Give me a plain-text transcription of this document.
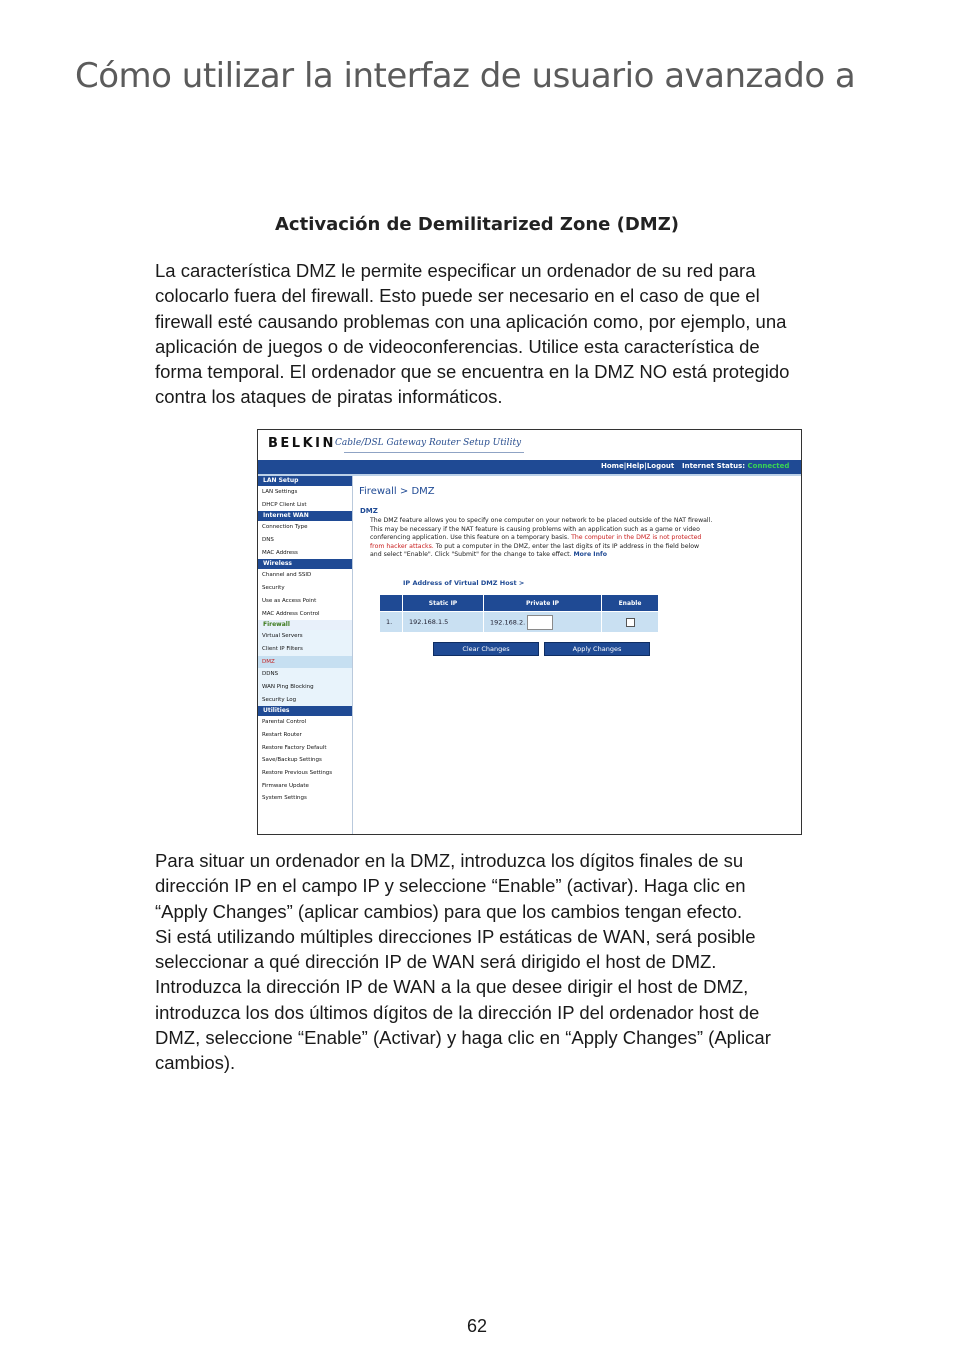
Cómo utilizar la interfaz de usuario avanzado a
Activación de Demilitarized Zone (DMZ)
La característica DMZ le permite especificar un ordenador de su red para
colocarlo fuera del firewall. Esto puede ser necesario en el caso de que el
firewall esté causando problemas con una aplicación como, por ejemplo, una
aplicación de juegos o de videoconferencias. Utilice esta característica de
forma temporal. El ordenador que se encuentra en la DMZ NO está protegido
contra los ataques de piratas informáticos.
BELKIN Cable/DSL Gateway Router Setup Utility
Home|Help|Logout Internet Status: Connected
LAN Setup
LAN Settings
DHCP Client List
Internet WAN
Connection Type
DNS
MAC Address
Wireless
Channel and SSID
Security
Use as Access Point
MAC Address Control
Firewall
Virtual Servers
Client IP Filters
DMZ
DDNS
WAN Ping Blocking
Security Log
Utilities
Parental Control
Restart Router
Restore Factory Default
Save/Backup Settings
Restore Previous Settings
Firmware Update
System Settings
Firewall > DMZ
DMZ
The DMZ feature allows you to specify one computer on your network to be placed outside of the NAT firewall.
This may be necessary if the NAT feature is causing problems with an application such as a game or video
conferencing application. Use this feature on a temporary basis. The computer in the DMZ is not protected
from hacker attacks. To put a computer in the DMZ, enter the last digits of its IP address in the field below
and select "Enable". Click "Submit" for the change to take effect. More Info
IP Address of Virtual DMZ Host >
	Static IP	Private IP	Enable
1.	192.168.1.5	192.168.2.	
Clear Changes	Apply Changes
Para situar un ordenador en la DMZ, introduzca los dígitos finales de su
dirección IP en el campo IP y seleccione “Enable” (activar). Haga clic en
“Apply Changes” (aplicar cambios) para que los cambios tengan efecto.
Si está utilizando múltiples direcciones IP estáticas de WAN, será posible
seleccionar a qué dirección IP de WAN será dirigido el host de DMZ.
Introduzca la dirección IP de WAN a la que desee dirigir el host de DMZ,
introduzca los dos últimos dígitos de la dirección IP del ordenador host de
DMZ, seleccione “Enable” (Activar) y haga clic en “Apply Changes” (Aplicar
cambios).
62
